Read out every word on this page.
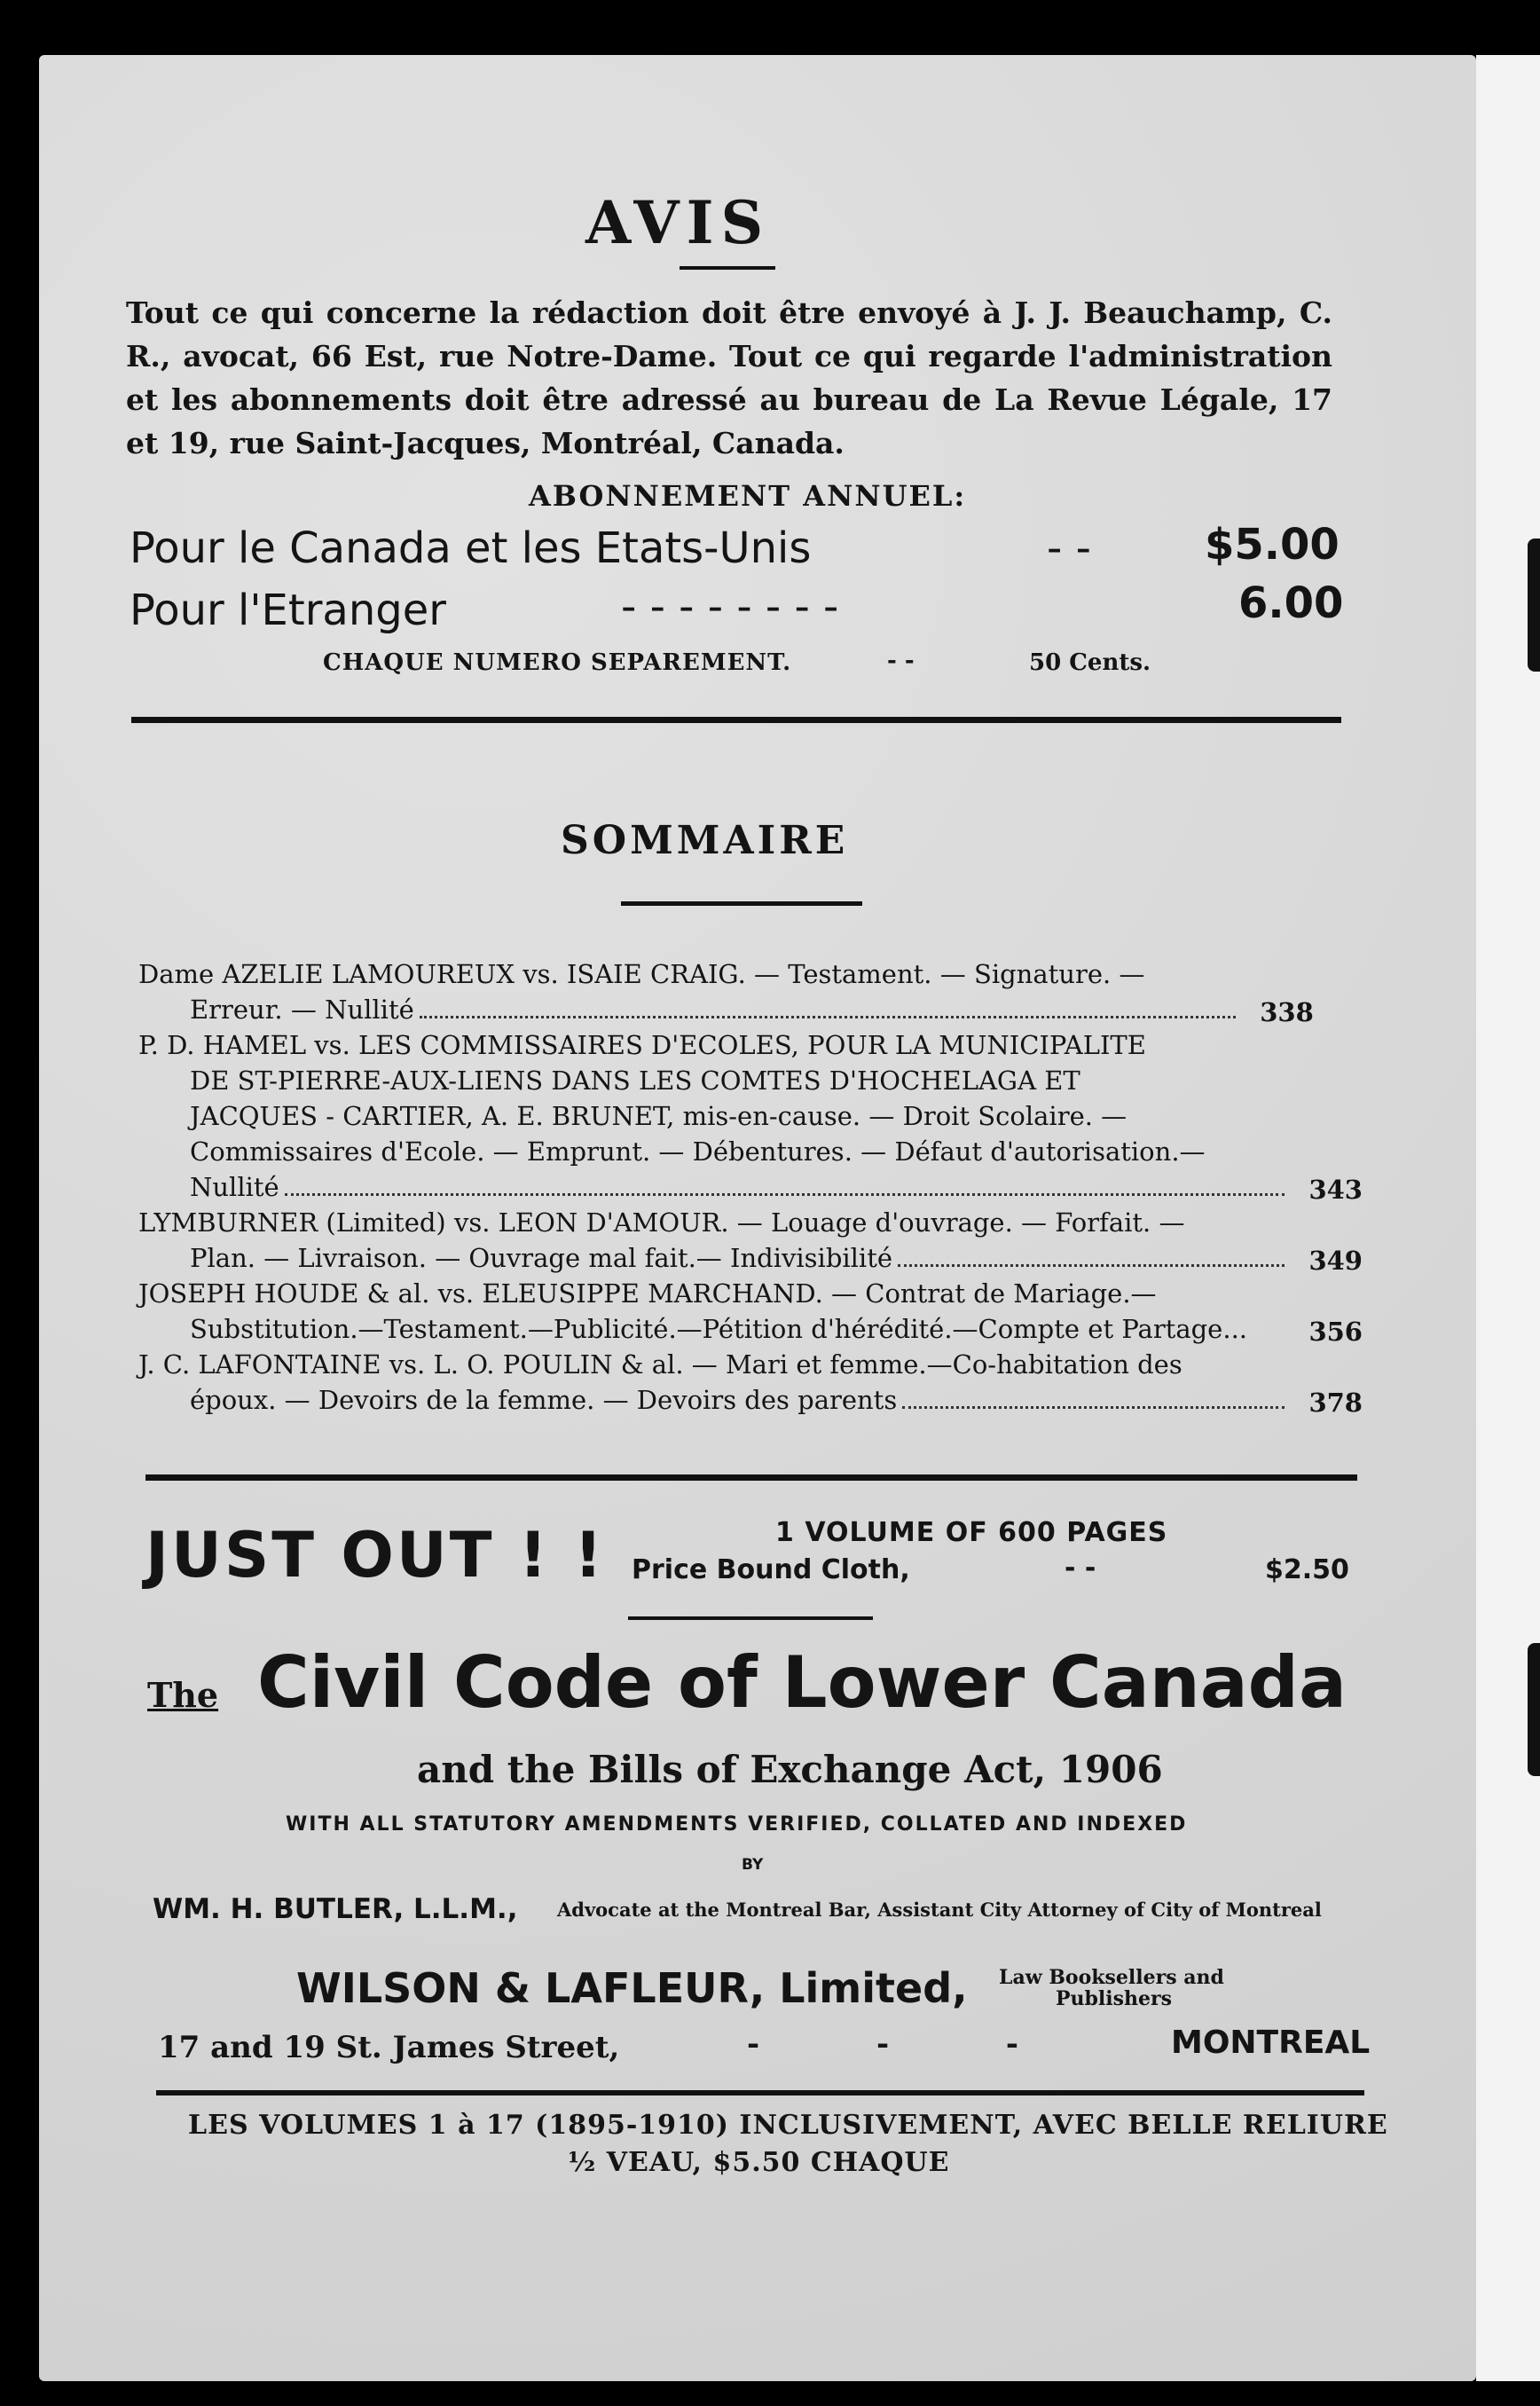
AVIS
Tout ce qui concerne la rédaction doit être envoyé à J. J. Beauchamp, C. R., avocat, 66 Est, rue Notre-Dame. Tout ce qui regarde l'administration et les abonnements doit être adressé au bureau de La Revue Légale, 17 et 19, rue Saint-Jacques, Montréal, Canada.
ABONNEMENT ANNUEL:
Pour le Canada et les Etats-Unis	- -	$5.00
Pour l'Etranger	- - - - - - - -	6.00
CHAQUE NUMERO SEPAREMENT.	- -	50 Cents.
SOMMAIRE
Dame AZELIE LAMOUREUX vs. ISAIE CRAIG. — Testament. — Signature. —
Erreur. — Nullité	338
P. D. HAMEL vs. LES COMMISSAIRES D'ECOLES, POUR LA MUNICIPALITE
DE ST-PIERRE-AUX-LIENS DANS LES COMTES D'HOCHELAGA ET
JACQUES - CARTIER, A. E. BRUNET, mis-en-cause. — Droit Scolaire. —
Commissaires d'Ecole. — Emprunt. — Débentures. — Défaut d'autorisation.—
Nullité	343
LYMBURNER (Limited) vs. LEON D'AMOUR. — Louage d'ouvrage. — Forfait. —
Plan. — Livraison. — Ouvrage mal fait.— Indivisibilité	349
JOSEPH HOUDE & al. vs. ELEUSIPPE MARCHAND. — Contrat de Mariage.—
Substitution.—Testament.—Publicité.—Pétition d'hérédité.—Compte et Partage...	356
J. C. LAFONTAINE vs. L. O. POULIN & al. — Mari et femme.—Co-habitation des
époux. — Devoirs de la femme. — Devoirs des parents	378
JUST OUT ! !	1 VOLUME OF 600 PAGES
Price Bound Cloth,	- -	$2.50
The Civil Code of Lower Canada
and the Bills of Exchange Act, 1906
WITH ALL STATUTORY AMENDMENTS VERIFIED, COLLATED AND INDEXED
BY
WM. H. BUTLER, L.L.M., Advocate at the Montreal Bar, Assistant City Attorney of City of Montreal
WILSON & LAFLEUR, Limited, Law Booksellers and
Publishers
17 and 19 St. James Street,	- - -	MONTREAL
LES VOLUMES 1 à 17 (1895-1910) INCLUSIVEMENT, AVEC BELLE RELIURE
½ VEAU, $5.50 CHAQUE
